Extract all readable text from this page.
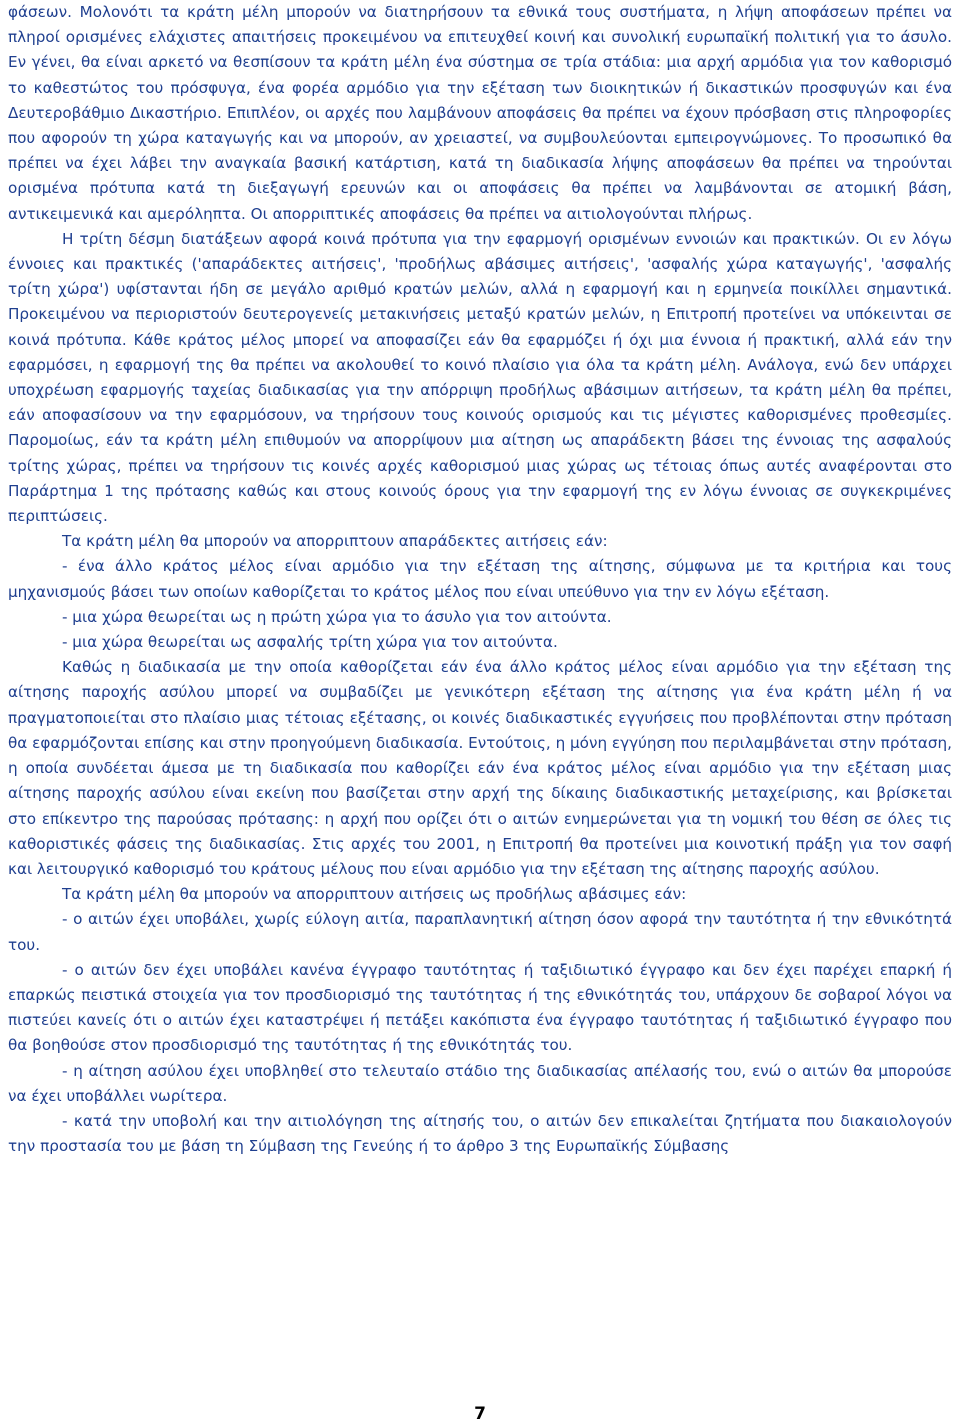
φάσεων. Μολονότι τα κράτη μέλη μπορούν να διατηρήσουν τα εθνικά τους συστήματα, η λήψη αποφάσεων πρέπει να πληροί ορισμένες ελάχιστες απαιτήσεις προκειμένου να επιτευχθεί κοινή και συνολική ευρωπαϊκή πολιτική για το άσυλο. Εν γένει, θα είναι αρκετό να θεσπίσουν τα κράτη μέλη ένα σύστημα σε τρία στάδια: μια αρχή αρμόδια για τον καθορισμό το καθεστώτος του πρόσφυγα, ένα φορέα αρμόδιο για την εξέταση των διοικητικών ή δικαστικών προσφυγών και ένα Δευτεροβάθμιο Δικαστήριο. Επιπλέον, οι αρχές που λαμβάνουν αποφάσεις θα πρέπει να έχουν πρόσβαση στις πληροφορίες που αφορούν τη χώρα καταγωγής και να μπορούν, αν χρειαστεί, να συμβουλεύονται εμπειρογνώμονες. Το προσωπικό θα πρέπει να έχει λάβει την αναγκαία βασική κατάρτιση, κατά τη διαδικασία λήψης αποφάσεων θα πρέπει να τηρούνται ορισμένα πρότυπα κατά τη διεξαγωγή ερευνών και οι αποφάσεις θα πρέπει να λαμβάνονται σε ατομική βάση, αντικειμενικά και αμερόληπτα. Οι απορριπτικές αποφάσεις θα πρέπει να αιτιολογούνται πλήρως.
Η τρίτη δέσμη διατάξεων αφορά κοινά πρότυπα για την εφαρμογή ορισμένων εννοιών και πρακτικών. Οι εν λόγω έννοιες και πρακτικές ('απαράδεκτες αιτήσεις', 'προδήλως αβάσιμες αιτήσεις', 'ασφαλής χώρα καταγωγής', 'ασφαλής τρίτη χώρα') υφίστανται ήδη σε μεγάλο αριθμό κρατών μελών, αλλά η εφαρμογή και η ερμηνεία ποικίλλει σημαντικά. Προκειμένου να περιοριστούν δευτερογενείς μετακινήσεις μεταξύ κρατών μελών, η Επιτροπή προτείνει να υπόκεινται σε κοινά πρότυπα. Κάθε κράτος μέλος μπορεί να αποφασίζει εάν θα εφαρμόζει ή όχι μια έννοια ή πρακτική, αλλά εάν την εφαρμόσει, η εφαρμογή της θα πρέπει να ακολουθεί το κοινό πλαίσιο για όλα τα κράτη μέλη. Ανάλογα, ενώ δεν υπάρχει υποχρέωση εφαρμογής ταχείας διαδικασίας για την απόρριψη προδήλως αβάσιμων αιτήσεων, τα κράτη μέλη θα πρέπει, εάν αποφασίσουν να την εφαρμόσουν, να τηρήσουν τους κοινούς ορισμούς και τις μέγιστες καθορισμένες προθεσμίες. Παρομοίως, εάν τα κράτη μέλη επιθυμούν να απορρίψουν μια αίτηση ως απαράδεκτη βάσει της έννοιας της ασφαλούς τρίτης χώρας, πρέπει να τηρήσουν τις κοινές αρχές καθορισμού μιας χώρας ως τέτοιας όπως αυτές αναφέρονται στο Παράρτημα 1 της πρότασης καθώς και στους κοινούς όρους για την εφαρμογή της εν λόγω έννοιας σε συγκεκριμένες περιπτώσεις.
Τα κράτη μέλη θα μπορούν να απορριπτουν απαράδεκτες αιτήσεις εάν:
- ένα άλλο κράτος μέλος είναι αρμόδιο για την εξέταση της αίτησης, σύμφωνα με τα κριτήρια και τους μηχανισμούς βάσει των οποίων καθορίζεται το κράτος μέλος που είναι υπεύθυνο για την εν λόγω εξέταση.
- μια χώρα θεωρείται ως η πρώτη χώρα για το άσυλο για τον αιτούντα.
- μια χώρα θεωρείται ως ασφαλής τρίτη χώρα για τον αιτούντα.
Καθώς η διαδικασία με την οποία καθορίζεται εάν ένα άλλο κράτος μέλος είναι αρμόδιο για την εξέταση της αίτησης παροχής ασύλου μπορεί να συμβαδίζει με γενικότερη εξέταση της αίτησης για ένα κράτη μέλη ή να πραγματοποιείται στο πλαίσιο μιας τέτοιας εξέτασης, οι κοινές διαδικαστικές εγγυήσεις που προβλέπονται στην πρόταση θα εφαρμόζονται επίσης και στην προηγούμενη διαδικασία. Εντούτοις, η μόνη εγγύηση που περιλαμβάνεται στην πρόταση, η οποία συνδέεται άμεσα με τη διαδικασία που καθορίζει εάν ένα κράτος μέλος είναι αρμόδιο για την εξέταση μιας αίτησης παροχής ασύλου είναι εκείνη που βασίζεται στην αρχή της δίκαιης διαδικαστικής μεταχείρισης, και βρίσκεται στο επίκεντρο της παρούσας πρότασης: η αρχή που ορίζει ότι ο αιτών ενημερώνεται για τη νομική του θέση σε όλες τις καθοριστικές φάσεις της διαδικασίας. Στις αρχές του 2001, η Επιτροπή θα προτείνει μια κοινοτική πράξη για τον σαφή και λειτουργικό καθορισμό του κράτους μέλους που είναι αρμόδιο για την εξέταση της αίτησης παροχής ασύλου.
Τα κράτη μέλη θα μπορούν να απορριπτουν αιτήσεις ως προδήλως αβάσιμες εάν:
- ο αιτών έχει υποβάλει, χωρίς εύλογη αιτία, παραπλανητική αίτηση όσον αφορά την ταυτότητα ή την εθνικότητά του.
- ο αιτών δεν έχει υποβάλει κανένα έγγραφο ταυτότητας ή ταξιδιωτικό έγγραφο και δεν έχει παρέχει επαρκή ή επαρκώς πειστικά στοιχεία για τον προσδιορισμό της ταυτότητας ή της εθνικότητάς του, υπάρχουν δε σοβαροί λόγοι να πιστεύει κανείς ότι ο αιτών έχει καταστρέψει ή πετάξει κακόπιστα ένα έγγραφο ταυτότητας ή ταξιδιωτικό έγγραφο που θα βοηθούσε στον προσδιορισμό της ταυτότητας ή της εθνικότητάς του.
- η αίτηση ασύλου έχει υποβληθεί στο τελευταίο στάδιο της διαδικασίας απέλασής του, ενώ ο αιτών θα μπορούσε να έχει υποβάλλει νωρίτερα.
- κατά την υποβολή και την αιτιολόγηση της αίτησής του, ο αιτών δεν επικαλείται ζητήματα που διακαιολογούν την προστασία του με βάση τη Σύμβαση της Γενεύης ή το άρθρο 3 της Ευρωπαϊκής Σύμβασης
7
